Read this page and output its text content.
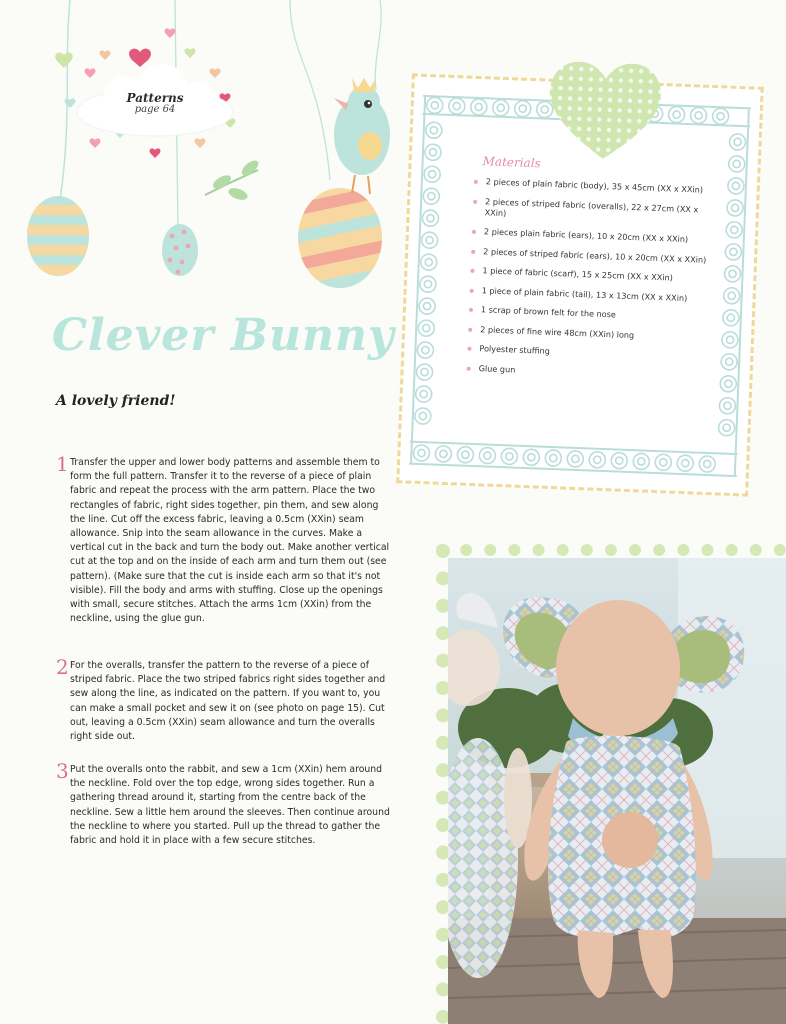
Patterns
page 64
Clever Bunny
A lovely friend!
1 Transfer the upper and lower body patterns and assemble them to form the full pattern. Transfer it to the reverse of a piece of plain fabric and repeat the process with the arm pattern. Place the two rectangles of fabric, right sides together, pin them, and sew along the line. Cut off the excess fabric, leaving a 0.5cm (XXin) seam allowance. Snip into the seam allowance in the curves. Make a vertical cut in the back and turn the body out. Make another vertical cut at the top and on the inside of each arm and turn them out (see pattern). (Make sure that the cut is inside each arm so that it's not visible). Fill the body and arms with stuffing. Close up the openings with small, secure stitches. Attach the arms 1cm (XXin) from the neckline, using the glue gun.
2 For the overalls, transfer the pattern to the reverse of a piece of striped fabric. Place the two striped fabrics right sides together and sew along the line, as indicated on the pattern. If you want to, you can make a small pocket and sew it on (see photo on page 15). Cut out, leaving a 0.5cm (XXin) seam allowance and turn the overalls right side out.
3 Put the overalls onto the rabbit, and sew a 1cm (XXin) hem around the neckline. Fold over the top edge, wrong sides together. Run a gathering thread around it, starting from the centre back of the neckline. Sew a little hem around the sleeves. Then continue around the neckline to where you started. Pull up the thread to gather the fabric and hold it in place with a few secure stitches.
Materials
2 pieces of plain fabric (body), 35 x 45cm (XX x XXin)
2 pieces of striped fabric (overalls), 22 x 27cm (XX x XXin)
2 pieces plain fabric (ears), 10 x 20cm (XX x XXin)
2 pieces of striped fabric (ears), 10 x 20cm (XX x XXin)
1 piece of fabric (scarf), 15 x 25cm (XX x XXin)
1 piece of plain fabric (tail), 13 x 13cm (XX x XXin)
1 scrap of brown felt for the nose
2 pieces of fine wire 48cm (XXin) long
Polyester stuffing
Glue gun
